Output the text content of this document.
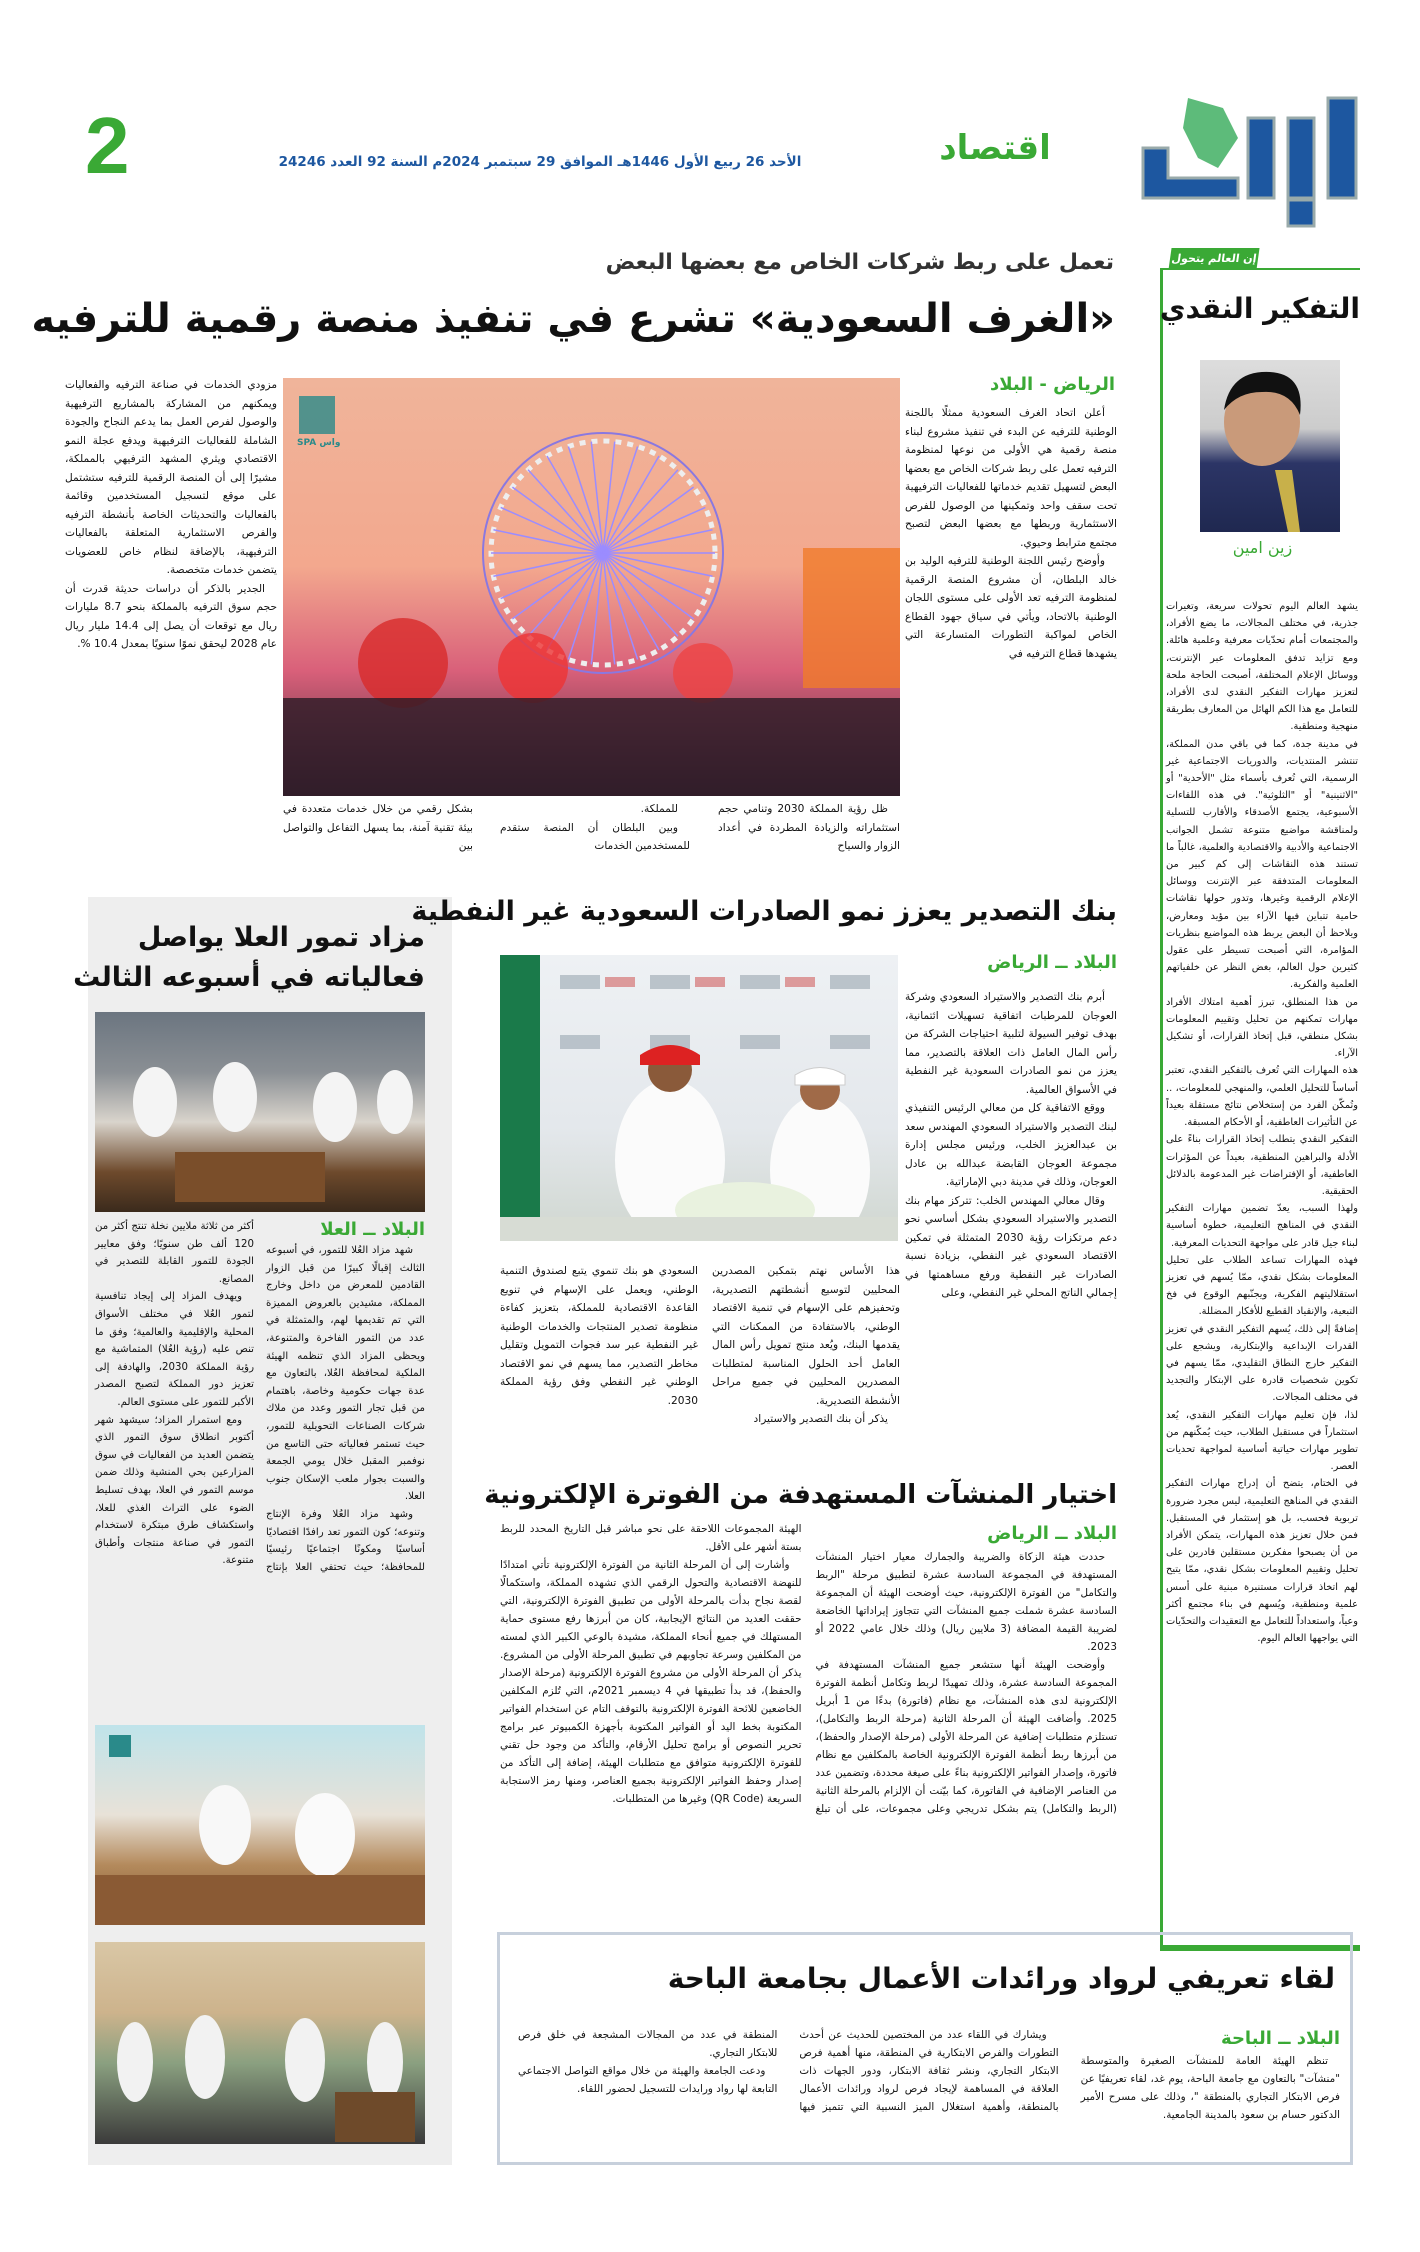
اقتصاد
الأحد 26 ربيع الأول 1446هـ الموافق 29 سبتمبر 2024م السنة 92 العدد 24246
2
إن العالم يتحول ...
التفكير النقدي
زين امين

يشهد العالم اليوم تحولات سريعة، وتغيرات جذرية، في مختلف المجالات، ما يضع الأفراد، والمجتمعات أمام تحدّيات معرفية وعلمية هائلة. ومع تزايد تدفق المعلومات عبر الإنترنت، ووسائل الإعلام المختلفة، أصبحت الحاجة ملحة لتعزيز مهارات التفكير النقدي لدى الأفراد، للتعامل مع هذا الكم الهائل من المعارف بطريقة منهجية ومنطقية.

في مدينة جدة، كما في باقي مدن المملكة، تنتشر المنتديات، والدوريات الاجتماعية غير الرسمية، التي تُعرف بأسماء مثل "الأحدية" أو "الاثنينية" أو "الثلوثية". في هذه اللقاءات الأسبوعية، يجتمع الأصدقاء والأقارب للتسلية ولمناقشة مواضيع متنوعة تشمل الجوانب الاجتماعية والأدبية والاقتصادية والعلمية، غالباً ما تستند هذه النقاشات إلى كم كبير من المعلومات المتدفقة عبر الإنترنت ووسائل الإعلام الرقمية وغيرها، وتدور حولها نقاشات حامية تتباين فيها الآراء بين مؤيد ومعارض، ويلاحظ أن البعض يربط هذه المواضيع بنظريات المؤامرة، التي أصبحت تسيطر على عقول كثيرين حول العالم، بغض النظر عن خلفياتهم العلمية والفكرية.

من هذا المنطلق، تبرز أهمية امتلاك الأفراد مهارات تمكنهم من تحليل وتقييم المعلومات بشكل منطقي، قبل إتخاذ القرارات، أو تشكيل الآراء.

هذه المهارات التي تُعرف بالتفكير النقدي، تعتبر أساساً للتحليل العلمي، والمنهجي للمعلومات، .. وتُمكّن الفرد من إستخلاص نتائج مستقلة بعيداً عن التأثيرات العاطفية، أو الأحكام المسبقة.

التفكير النقدي يتطلب إتخاذ القرارات بناءً على الأدلة والبراهين المنطقية، بعيداً عن المؤثرات العاطفية، أو الإفتراضات غير المدعومة بالدلائل الحقيقية.

ولهذا السبب، يعدّ تضمين مهارات التفكير النقدي في المناهج التعليمية، خطوة أساسية لبناء جيل قادر على مواجهة التحديات المعرفية.

فهذه المهارات تساعد الطلاب على تحليل المعلومات بشكل نقدي، ممّا يُسهم في تعزيز استقلاليتهم الفكرية، ويجنّبهم الوقوع في فخ التبعية، والإنقياد القطيع للأفكار المضللة.

إضافةً إلى ذلك، يُسهم التفكير النقدي في تعزيز القدرات الإبداعية والإبتكارية، ويشجع على التفكير خارج النطاق التقليدي، ممّا يسهم في تكوين شخصيات قادرة على الإبتكار والتجديد في مختلف المجالات.

لذا، فإن تعليم مهارات التفكير النقدي، يُعد استثماراً في مستقبل الطلاب، حيث يُمكّنهم من تطوير مهارات حياتية أساسية لمواجهة تحديات العصر.

في الختام، يتضح أن إدراج مهارات التفكير النقدي في المناهج التعليمية، ليس مجرد ضرورة تربوية فحسب، بل هو إستثمار في المستقبل. فمن خلال تعزيز هذه المهارات، يتمكن الأفراد من أن يصبحوا مفكرين مستقلين قادرين على تحليل وتقييم المعلومات بشكل نقدي، ممّا يتيح لهم اتخاذ قرارات مستنيرة مبنية على أسس علمية ومنطقية، ويُسهم في بناء مجتمع أكثر وعياً، واستعداداً للتعامل مع التعقيدات والتحدّيات التي يواجهها العالم اليوم.

تعمل على ربط شركات الخاص مع بعضها البعض
«الغرف السعودية» تشرع في تنفيذ منصة رقمية للترفيه
الرياض - البلاد

أعلن اتحاد الغرف السعودية ممثلًا باللجنة الوطنية للترفيه عن البدء في تنفيذ مشروع لبناء منصة رقمية هي الأولى من نوعها لمنظومة الترفيه تعمل على ربط شركات الخاص مع بعضها البعض لتسهيل تقديم خدماتها للفعاليات الترفيهية تحت سقف واحد وتمكينها من الوصول للفرص الاستثمارية وربطها مع بعضها البعض لتصبح مجتمع مترابط وحيوي.

وأوضح رئيس اللجنة الوطنية للترفيه الوليد بن خالد البلطان، أن مشروع المنصة الرقمية لمنظومة الترفيه تعد الأولى على مستوى اللجان الوطنية بالاتحاد، ويأتي في سياق جهود القطاع الخاص لمواكبة التطورات المتسارعة التي يشهدها قطاع الترفيه في

واس SPA

ظل رؤية المملكة 2030 وتنامي حجم استثماراته والزيادة المطردة في أعداد الزوار والسياح

للمملكة.

وبين البلطان أن المنصة ستقدم للمستخدمين الخدمات

بشكل رقمي من خلال خدمات متعددة في بيئة تقنية آمنة، بما يسهل التفاعل والتواصل بين

مزودي الخدمات في صناعة الترفيه والفعاليات ويمكنهم من المشاركة بالمشاريع الترفيهية والوصول لفرص العمل بما يدعم النجاح والجودة الشاملة للفعاليات الترفيهية ويدفع عجلة النمو الاقتصادي ويثري المشهد الترفيهي بالمملكة، مشيرًا إلى أن المنصة الرقمية للترفيه ستشتمل على موقع لتسجيل المستخدمين وقائمة بالفعاليات والتحديثات الخاصة بأنشطة الترفيه والفرص الاستثمارية المتعلقة بالفعاليات الترفيهية، بالإضافة لنظام خاص للعضويات يتضمن خدمات متخصصة.

الجدير بالذكر أن دراسات حديثة قدرت أن حجم سوق الترفيه بالمملكة بنحو 8.7 مليارات ريال مع توقعات أن يصل إلى 14.4 مليار ريال عام 2028 ليحقق نموًا سنويًا بمعدل 10.4 %.

مزاد تمور العلا يواصل
فعالياته في أسبوعه الثالث
البلاد ــ العلا

شهد مزاد العُلا للتمور، في أسبوعه الثالث إقبالًا كبيرًا من قبل الزوار القادمين للمعرض من داخل وخارج المملكة، مشيدين بالعروض المميزة التي تم تقديمها لهم، والمتمثلة في عدد من التمور الفاخرة والمتنوعة، ويحظى المزاد الذي تنظمه الهيئة الملكية لمحافظة العُلا، بالتعاون مع عدة جهات حكومية وخاصة، باهتمام من قبل تجار التمور وعدد من ملاك شركات الصناعات التحويلية للتمور، حيث تستمر فعالياته حتى التاسع من نوفمبر المقبل خلال يومي الجمعة والسبت بجوار ملعب الإسكان جنوب العلا.

وشهد مزاد العُلا وفرة الإنتاج وتنوعه؛ كون التمور تعد رافدًا اقتصاديًا أساسيًا ومكونًا اجتماعيًا رئيسيًا للمحافظة؛ حيث تحتفي العلا بإنتاج أكثر من ثلاثة ملايين نخلة تنتج أكثر من 120 ألف طن سنويًا؛ وفق معايير الجودة للتمور القابلة للتصدير في المصانع.

ويهدف المزاد إلى إيجاد تنافسية لتمور العُلا في مختلف الأسواق المحلية والإقليمية والعالمية؛ وفق ما تنص عليه (رؤية العُلا) المتماشية مع رؤية المملكة 2030، والهادفة إلى تعزيز دور المملكة لتصبح المصدر الأكبر للتمور على مستوى العالم.

ومع استمرار المزاد؛ سيشهد شهر أكتوبر انطلاق سوق التمور الذي يتضمن العديد من الفعاليات في سوق المزارعين بحي المنشية وذلك ضمن موسم التمور في العلا، بهدف تسليط الضوء على التراث الغذي للعلا، واستكشاف طرق مبتكرة لاستخدام التمور في صناعة منتجات وأطباق متنوعة.

بنك التصدير يعزز نمو الصادرات السعودية غير النفطية
البلاد ــ الرياض

أبرم بنك التصدير والاستيراد السعودي وشركة العوجان للمرطبات اتفاقية تسهيلات ائتمانية، بهدف توفير السيولة لتلبية احتياجات الشركة من رأس المال العامل ذات العلاقة بالتصدير، مما يعزز من نمو الصادرات السعودية غير النفطية في الأسواق العالمية.

ووقع الاتفاقية كل من معالي الرئيس التنفيذي لبنك التصدير والاستيراد السعودي المهندس سعد بن عبدالعزيز الخلب، ورئيس مجلس إدارة مجموعة العوجان القابضة عبدالله بن عادل العوجان، وذلك في مدينة دبي الإماراتية.

وقال معالي المهندس الخلب: تتركز مهام بنك التصدير والاستيراد السعودي بشكل أساسي نحو دعم مرتكزات رؤية 2030 المتمثلة في تمكين الاقتصاد السعودي غير النفطي، بزيادة نسبة الصادرات غير النفطية ورفع مساهمتها في إجمالي الناتج المحلي غير النفطي، وعلى

هذا الأساس نهتم بتمكين المصدرين المحليين لتوسيع أنشطتهم التصديرية، وتحفيزهم على الإسهام في تنمية الاقتصاد الوطني، بالاستفادة من الممكنات التي يقدمها البنك، ويُعد منتج تمويل رأس المال العامل أحد الحلول المناسبة لمتطلبات المصدرين المحليين في جميع مراحل الأنشطة التصديرية.

يذكر أن بنك التصدير والاستيراد

السعودي هو بنك تنموي يتبع لصندوق التنمية الوطني، ويعمل على الإسهام في تنويع القاعدة الاقتصادية للمملكة، بتعزيز كفاءة منظومة تصدير المنتجات والخدمات الوطنية غير النفطية عبر سد فجوات التمويل وتقليل مخاطر التصدير، مما يسهم في نمو الاقتصاد الوطني غير النفطي وفق رؤية المملكة 2030.

اختيار المنشآت المستهدفة من الفوترة الإلكترونية
البلاد ــ الرياض

حددت هيئة الزكاة والضريبة والجمارك معيار اختيار المنشآت المستهدفة في المجموعة السادسة عشرة لتطبيق مرحلة "الربط والتكامل" من الفوترة الإلكترونية، حيث أوضحت الهيئة أن المجموعة السادسة عشرة شملت جميع المنشآت التي تتجاوز إيراداتها الخاضعة لضريبة القيمة المضافة (3 ملايين ريال) وذلك خلال عامي 2022 أو 2023.

وأوضحت الهيئة أنها ستشعر جميع المنشآت المستهدفة في المجموعة السادسة عشرة، وذلك تمهيدًا لربط وتكامل أنظمة الفوترة الإلكترونية لدى هذه المنشآت، مع نظام (فاتورة) بدءًا من 1 أبريل 2025. وأضافت الهيئة أن المرحلة الثانية (مرحلة الربط والتكامل)، تستلزم متطلبات إضافية عن المرحلة الأولى (مرحلة الإصدار والحفظ)، من أبرزها ربط أنظمة الفوترة الإلكترونية الخاصة بالمكلفين مع نظام فاتورة، وإصدار الفواتير الإلكترونية بناءً على صيغة محددة، وتضمين عدد من العناصر الإضافية في الفاتورة، كما بيّنت أن الإلزام بالمرحلة الثانية (الربط والتكامل) يتم بشكل تدريجي وعلى مجموعات، على أن تبلغ الهيئة المجموعات اللاحقة على نحو مباشر قبل التاريخ المحدد للربط بستة أشهر على الأقل.

وأشارت إلى أن المرحلة الثانية من الفوترة الإلكترونية تأتي امتدادًا للنهضة الاقتصادية والتحول الرقمي الذي تشهده المملكة، واستكمالًا لقصة نجاح بدأت بالمرحلة الأولى من تطبيق الفوترة الإلكترونية، التي حققت العديد من النتائج الإيجابية، كان من أبرزها رفع مستوى حماية المستهلك في جميع أنحاء المملكة، مشيدة بالوعي الكبير الذي لمسته من المكلفين وسرعة تجاوبهم في تطبيق المرحلة الأولى من المشروع. يذكر أن المرحلة الأولى من مشروع الفوترة الإلكترونية (مرحلة الإصدار والحفظ)، قد بدأ تطبيقها في 4 ديسمبر 2021م، التي تُلزم المكلفين الخاضعين للائحة الفوترة الإلكترونية بالتوقف التام عن استخدام الفواتير المكتوبة بخط اليد أو الفواتير المكتوبة بأجهزة الكمبيوتر عبر برامج تحرير النصوص أو برامج تحليل الأرقام، والتأكد من وجود حل تقني للفوترة الإلكترونية متوافق مع متطلبات الهيئة، إضافة إلى التأكد من إصدار وحفظ الفواتير الإلكترونية بجميع العناصر، ومنها رمز الاستجابة السريعة (QR Code) وغيرها من المتطلبات.

لقاء تعريفي لرواد ورائدات الأعمال بجامعة الباحة
البلاد ــ الباحة

تنظم الهيئة العامة للمنشآت الصغيرة والمتوسطة "منشآت" بالتعاون مع جامعة الباحة، يوم غد، لقاء تعريفيًا عن فرص الابتكار التجاري بالمنطقة "، وذلك على مسرح الأمير الدكتور حسام بن سعود بالمدينة الجامعية.

ويشارك في اللقاء عدد من المختصين للحديث عن أحدث التطورات والفرص الابتكارية في المنطقة، منها أهمية فرص الابتكار التجاري، ونشر ثقافة الابتكار، ودور الجهات ذات العلاقة في المساهمة لإيجاد فرص لرواد ورائدات الأعمال بالمنطقة، وأهمية استغلال الميز النسبية التي تتميز فيها المنطقة في عدد من المجالات المشجعة في خلق فرص للابتكار التجاري.

ودعت الجامعة والهيئة من خلال مواقع التواصل الاجتماعي التابعة لها رواد ورايدات للتسجيل لحضور اللقاء.
